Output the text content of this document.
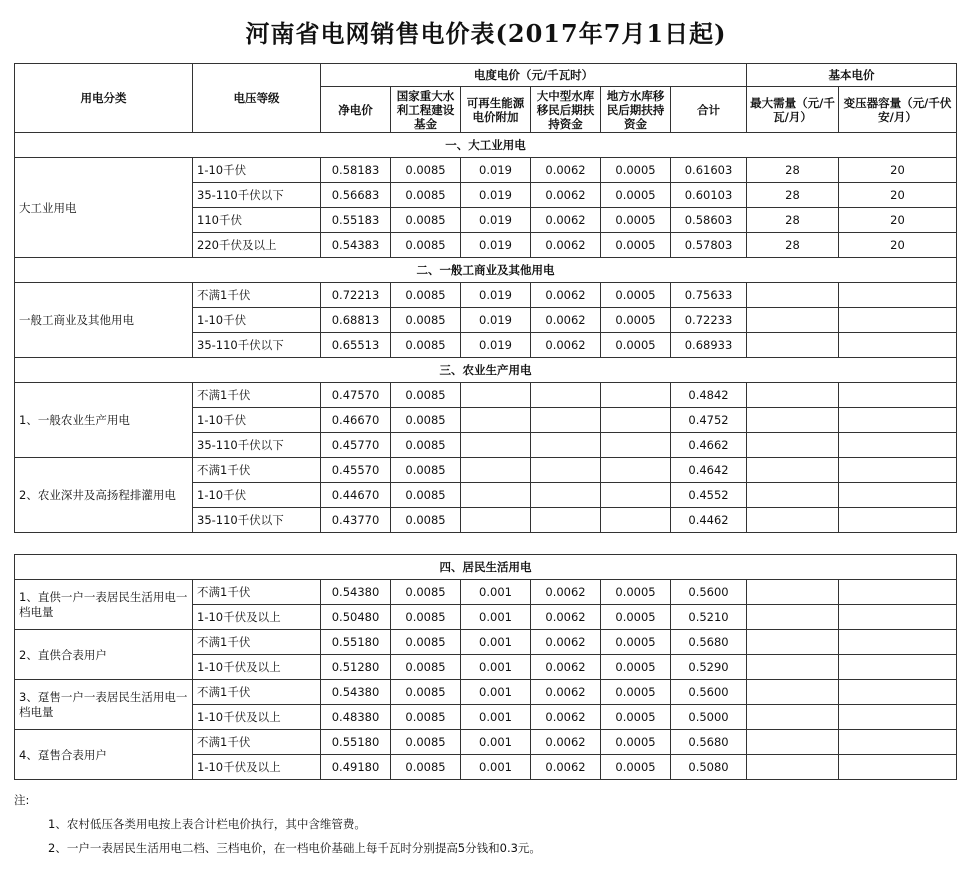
河南省电网销售电价表(2017年7月1日起)
用电分类	电压等级	电度电价（元/千瓦时）						基本电价	
		净电价	国家重大水利工程建设基金	可再生能源电价附加	大中型水库移民后期扶持资金	地方水库移民后期扶持资金	合计	最大需量（元/千瓦/月）	变压器容量（元/千伏安/月）
一、大工业用电									
大工业用电	1-10千伏	0.58183	0.0085	0.019	0.0062	0.0005	0.61603	28	20
	35-110千伏以下	0.56683	0.0085	0.019	0.0062	0.0005	0.60103	28	20
	110千伏	0.55183	0.0085	0.019	0.0062	0.0005	0.58603	28	20
	220千伏及以上	0.54383	0.0085	0.019	0.0062	0.0005	0.57803	28	20
二、一般工商业及其他用电									
一般工商业及其他用电	不满1千伏	0.72213	0.0085	0.019	0.0062	0.0005	0.75633		
	1-10千伏	0.68813	0.0085	0.019	0.0062	0.0005	0.72233		
	35-110千伏以下	0.65513	0.0085	0.019	0.0062	0.0005	0.68933		
三、农业生产用电									
1、一般农业生产用电	不满1千伏	0.47570	0.0085				0.4842		
	1-10千伏	0.46670	0.0085				0.4752		
	35-110千伏以下	0.45770	0.0085				0.4662		
2、农业深井及高扬程排灌用电	不满1千伏	0.45570	0.0085				0.4642		
	1-10千伏	0.44670	0.0085				0.4552		
	35-110千伏以下	0.43770	0.0085				0.4462		
四、居民生活用电									
1、直供一户一表居民生活用电一档电量	不满1千伏	0.54380	0.0085	0.001	0.0062	0.0005	0.5600		
	1-10千伏及以上	0.50480	0.0085	0.001	0.0062	0.0005	0.5210		
2、直供合表用户	不满1千伏	0.55180	0.0085	0.001	0.0062	0.0005	0.5680		
	1-10千伏及以上	0.51280	0.0085	0.001	0.0062	0.0005	0.5290		
3、趸售一户一表居民生活用电一档电量	不满1千伏	0.54380	0.0085	0.001	0.0062	0.0005	0.5600		
	1-10千伏及以上	0.48380	0.0085	0.001	0.0062	0.0005	0.5000		
4、趸售合表用户	不满1千伏	0.55180	0.0085	0.001	0.0062	0.0005	0.5680		
	1-10千伏及以上	0.49180	0.0085	0.001	0.0062	0.0005	0.5080		
注:
1、农村低压各类用电按上表合计栏电价执行，其中含维管费。
2、一户一表居民生活用电二档、三档电价，在一档电价基础上每千瓦时分别提高5分钱和0.3元。
